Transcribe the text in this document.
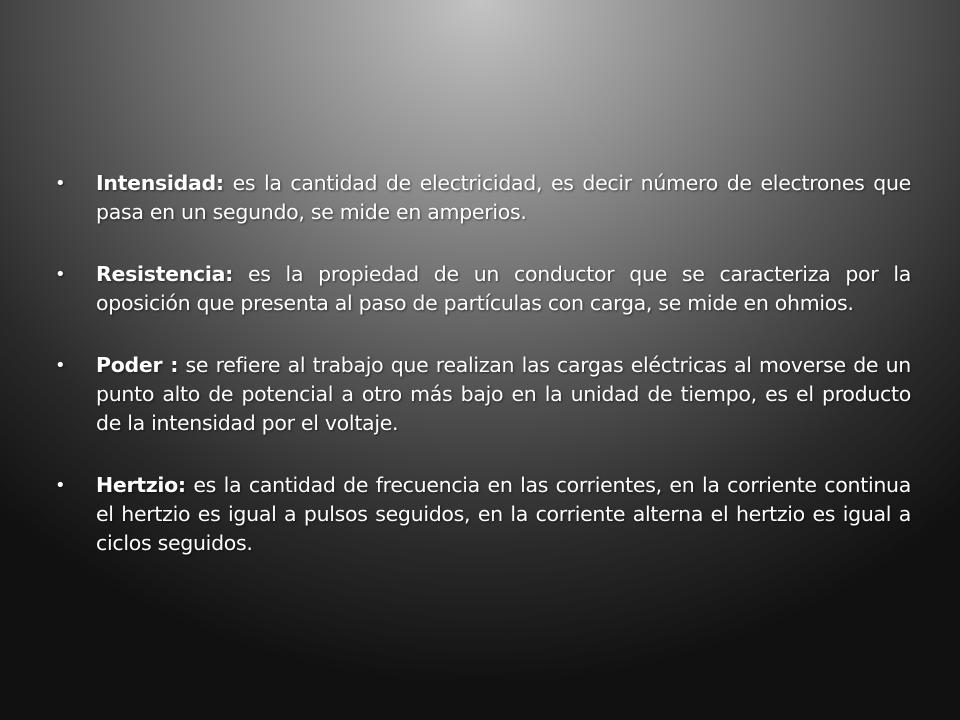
• Intensidad: es la cantidad de electricidad, es decir número de electrones que pasa en un segundo, se mide en amperios.
• Resistencia: es la propiedad de un conductor que se caracteriza por la oposición que presenta al paso de partículas con carga, se mide en ohmios.
• Poder : se refiere al trabajo que realizan las cargas eléctricas al moverse de un punto alto de potencial a otro más bajo en la unidad de tiempo, es el producto de la intensidad por el voltaje.
• Hertzio: es la cantidad de frecuencia en las corrientes, en la corriente continua el hertzio es igual a pulsos seguidos, en la corriente alterna el hertzio es igual a ciclos seguidos.
